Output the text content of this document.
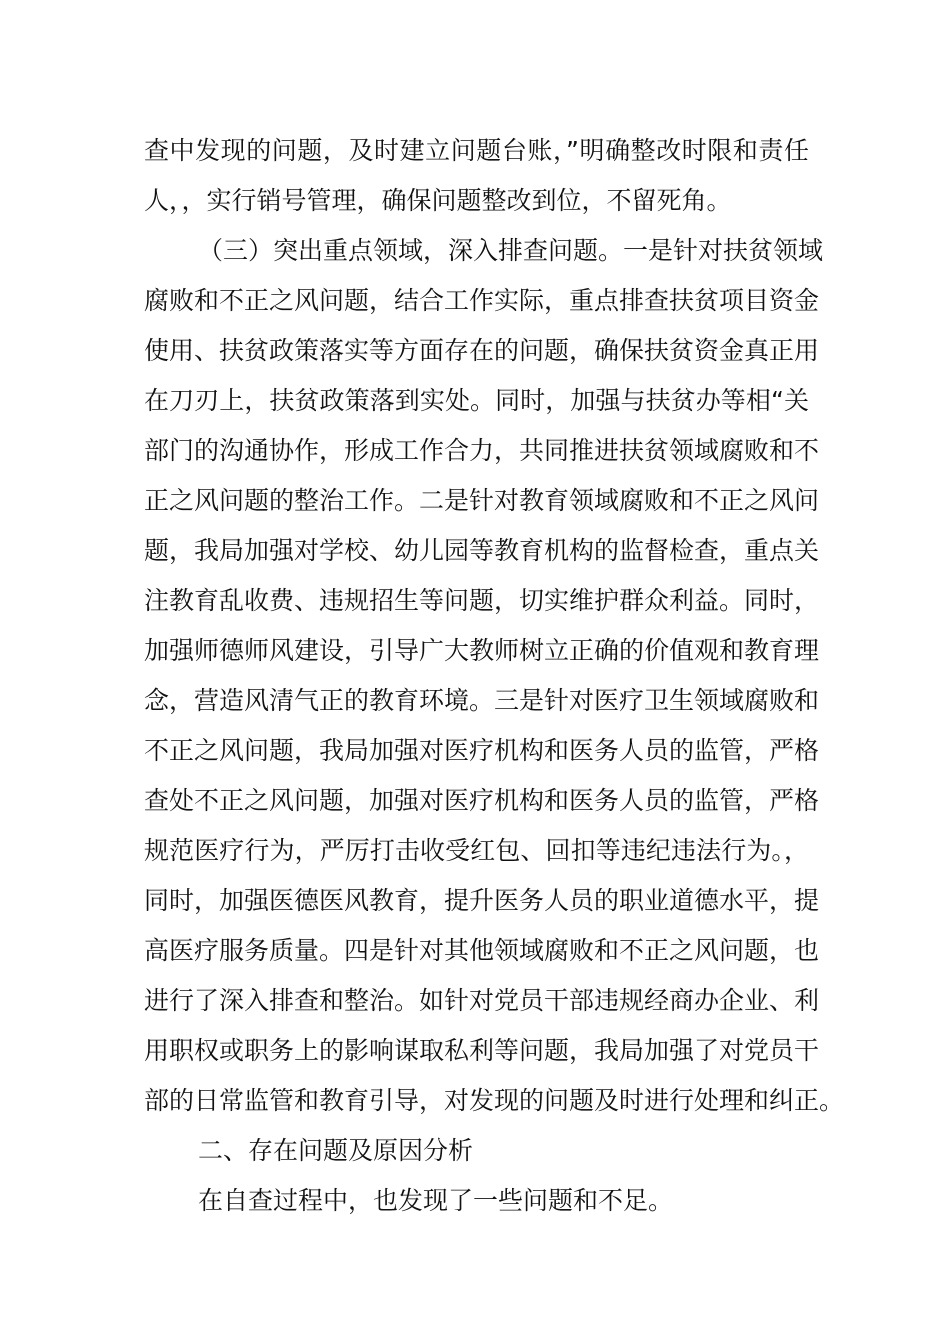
查中发现的问题，及时建立问题台账，”明确整改时限和责任
人，，实行销号管理，确保问题整改到位，不留死角。
（三）突出重点领域，深入排查问题。一是针对扶贫领域
腐败和不正之风问题，结合工作实际，重点排查扶贫项目资金
使用、扶贫政策落实等方面存在的问题，确保扶贫资金真正用
在刀刃上，扶贫政策落到实处。同时，加强与扶贫办等相“关
部门的沟通协作，形成工作合力，共同推进扶贫领域腐败和不
正之风问题的整治工作。二是针对教育领域腐败和不正之风问
题，我局加强对学校、幼儿园等教育机构的监督检查，重点关
注教育乱收费、违规招生等问题，切实维护群众利益。同时，
加强师德师风建设，引导广大教师树立正确的价值观和教育理
念，营造风清气正的教育环境。三是针对医疗卫生领域腐败和
不正之风问题，我局加强对医疗机构和医务人员的监管，严格
查处不正之风问题，加强对医疗机构和医务人员的监管，严格
规范医疗行为，严厉打击收受红包、回扣等违纪违法行为。，
同时，加强医德医风教育，提升医务人员的职业道德水平，提
高医疗服务质量。四是针对其他领域腐败和不正之风问题，也
进行了深入排查和整治。如针对党员干部违规经商办企业、利
用职权或职务上的影响谋取私利等问题，我局加强了对党员干
部的日常监管和教育引导，对发现的问题及时进行处理和纠正。
二、存在问题及原因分析
在自查过程中，也发现了一些问题和不足。
